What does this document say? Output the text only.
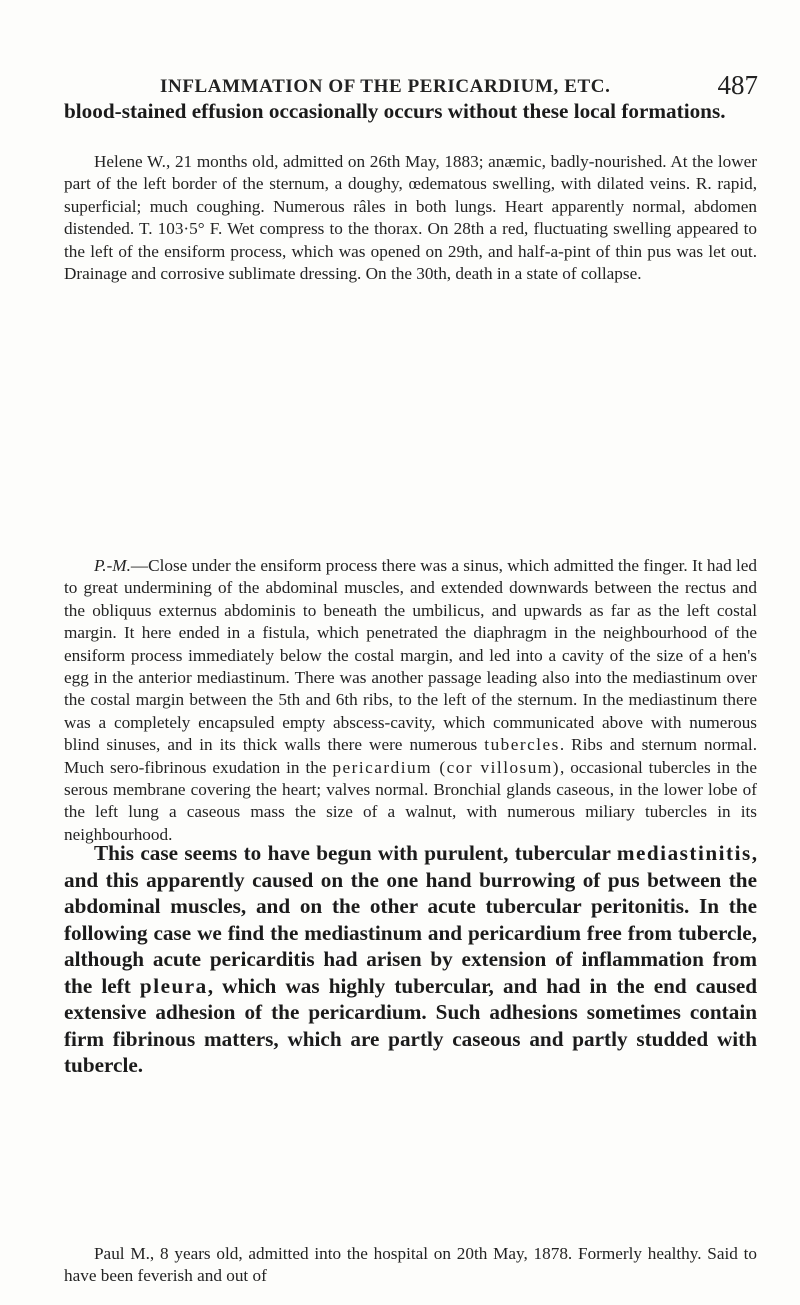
INFLAMMATION OF THE PERICARDIUM, ETC.	487

blood-stained effusion occasionally occurs without these local formations.

Helene W., 21 months old, admitted on 26th May, 1883; anæmic, badly-nourished. At the lower part of the left border of the sternum, a doughy, œdematous swelling, with dilated veins. R. rapid, superficial; much coughing. Numerous râles in both lungs. Heart apparently normal, abdomen distended. T. 103·5° F. Wet compress to the thorax. On 28th a red, fluctuating swelling appeared to the left of the ensiform process, which was opened on 29th, and half-a-pint of thin pus was let out. Drainage and corrosive sublimate dressing. On the 30th, death in a state of collapse.

P.-M.—Close under the ensiform process there was a sinus, which admitted the finger. It had led to great undermining of the abdominal muscles, and extended downwards between the rectus and the obliquus externus abdominis to beneath the umbilicus, and upwards as far as the left costal margin. It here ended in a fistula, which penetrated the diaphragm in the neighbourhood of the ensiform process immediately below the costal margin, and led into a cavity of the size of a hen's egg in the anterior mediastinum. There was another passage leading also into the mediastinum over the costal margin between the 5th and 6th ribs, to the left of the sternum. In the mediastinum there was a completely encapsuled empty abscess-cavity, which communicated above with numerous blind sinuses, and in its thick walls there were numerous tubercles. Ribs and sternum normal. Much sero-fibrinous exudation in the pericardium (cor villosum), occasional tubercles in the serous membrane covering the heart; valves normal. Bronchial glands caseous, in the lower lobe of the left lung a caseous mass the size of a walnut, with numerous miliary tubercles in its neighbourhood.

This case seems to have begun with purulent, tubercular mediastinitis, and this apparently caused on the one hand burrowing of pus between the abdominal muscles, and on the other acute tubercular peritonitis. In the following case we find the mediastinum and pericardium free from tubercle, although acute pericarditis had arisen by extension of inflammation from the left pleura, which was highly tubercular, and had in the end caused extensive adhesion of the pericardium. Such adhesions sometimes contain firm fibrinous matters, which are partly caseous and partly studded with tubercle.

Paul M., 8 years old, admitted into the hospital on 20th May, 1878. Formerly healthy. Said to have been feverish and out of
